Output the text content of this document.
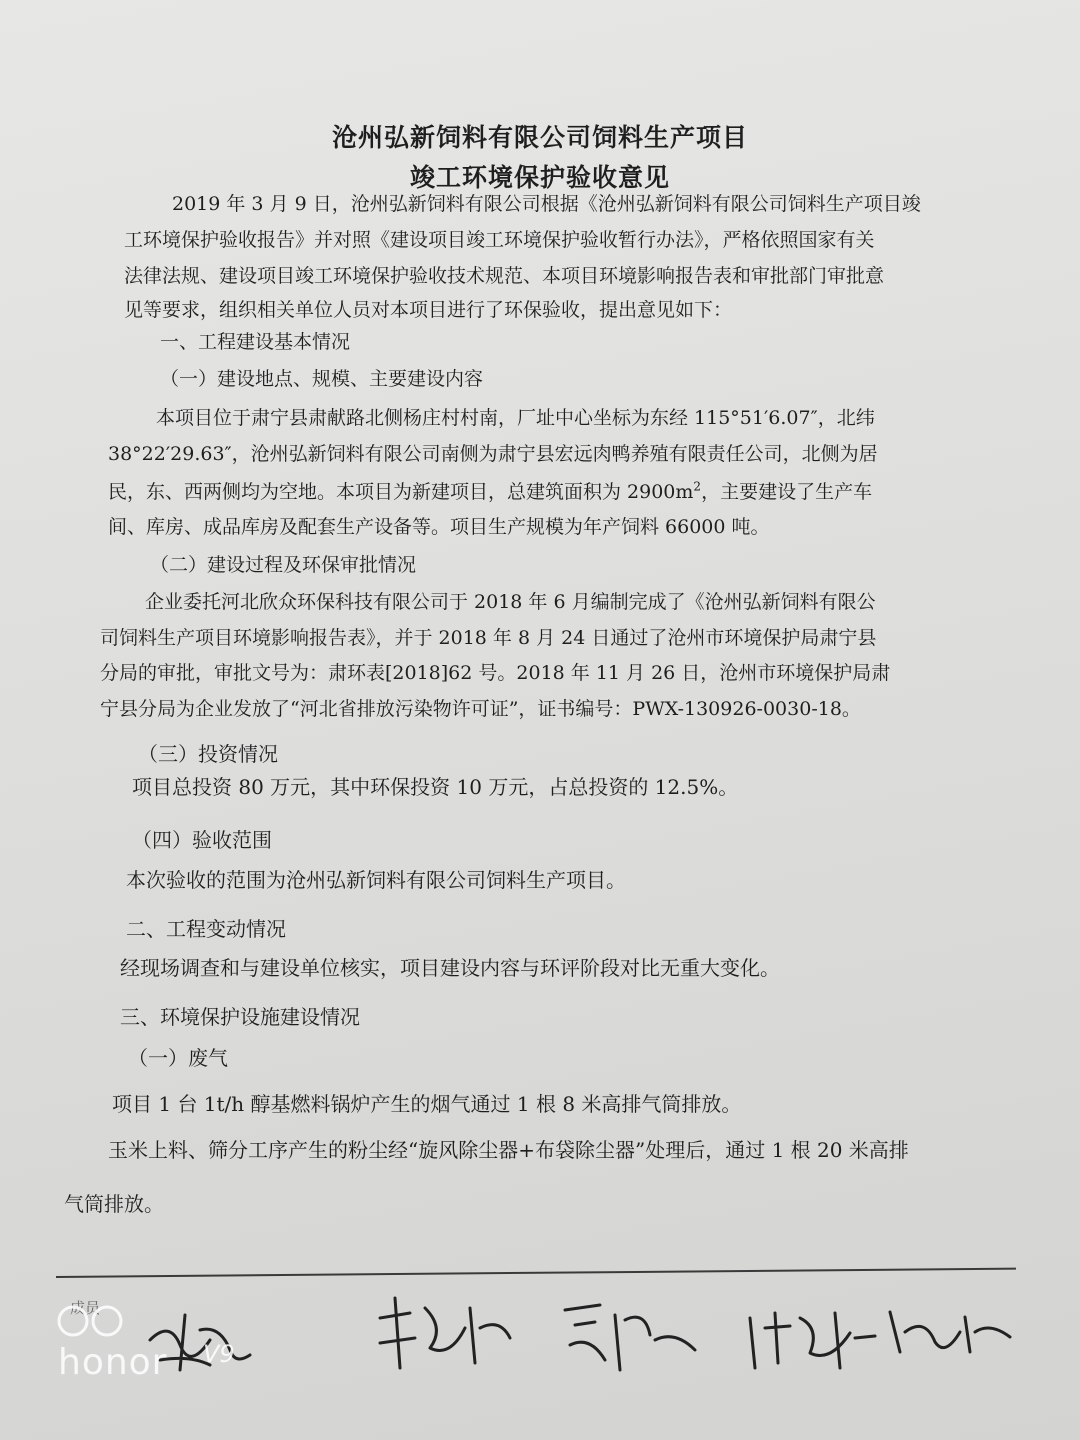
沧州弘新饲料有限公司饲料生产项目
竣工环境保护验收意见
2019 年 3 月 9 日，沧州弘新饲料有限公司根据《沧州弘新饲料有限公司饲料生产项目竣
工环境保护验收报告》并对照《建设项目竣工环境保护验收暂行办法》，严格依照国家有关
法律法规、建设项目竣工环境保护验收技术规范、本项目环境影响报告表和审批部门审批意
见等要求，组织相关单位人员对本项目进行了环保验收，提出意见如下：
一、工程建设基本情况
（一）建设地点、规模、主要建设内容
本项目位于肃宁县肃献路北侧杨庄村村南，厂址中心坐标为东经 115°51′6.07″，北纬
38°22′29.63″，沧州弘新饲料有限公司南侧为肃宁县宏远肉鸭养殖有限责任公司，北侧为居
民，东、西两侧均为空地。本项目为新建项目，总建筑面积为 $2900m^2$，主要建设了生产车
间、库房、成品库房及配套生产设备等。项目生产规模为年产饲料 66000 吨。
（二）建设过程及环保审批情况
企业委托河北欣众环保科技有限公司于 2018 年 6 月编制完成了《沧州弘新饲料有限公
司饲料生产项目环境影响报告表》，并于 2018 年 8 月 24 日通过了沧州市环境保护局肃宁县
分局的审批，审批文号为：肃环表[2018]62 号。2018 年 11 月 26 日，沧州市环境保护局肃
宁县分局为企业发放了“河北省排放污染物许可证”，证书编号：PWX-130926-0030-18。
（三）投资情况
项目总投资 80 万元，其中环保投资 10 万元，占总投资的 12.5%。
（四）验收范围
本次验收的范围为沧州弘新饲料有限公司饲料生产项目。
二、工程变动情况
经现场调查和与建设单位核实，项目建设内容与环评阶段对比无重大变化。
三、环境保护设施建设情况
（一）废气
项目 1 台 1t/h 醇基燃料锅炉产生的烟气通过 1 根 8 米高排气筒排放。
玉米上料、筛分工序产生的粉尘经“旋风除尘器+布袋除尘器”处理后，通过 1 根 20 米高排
气筒排放。
成员
honor V9
